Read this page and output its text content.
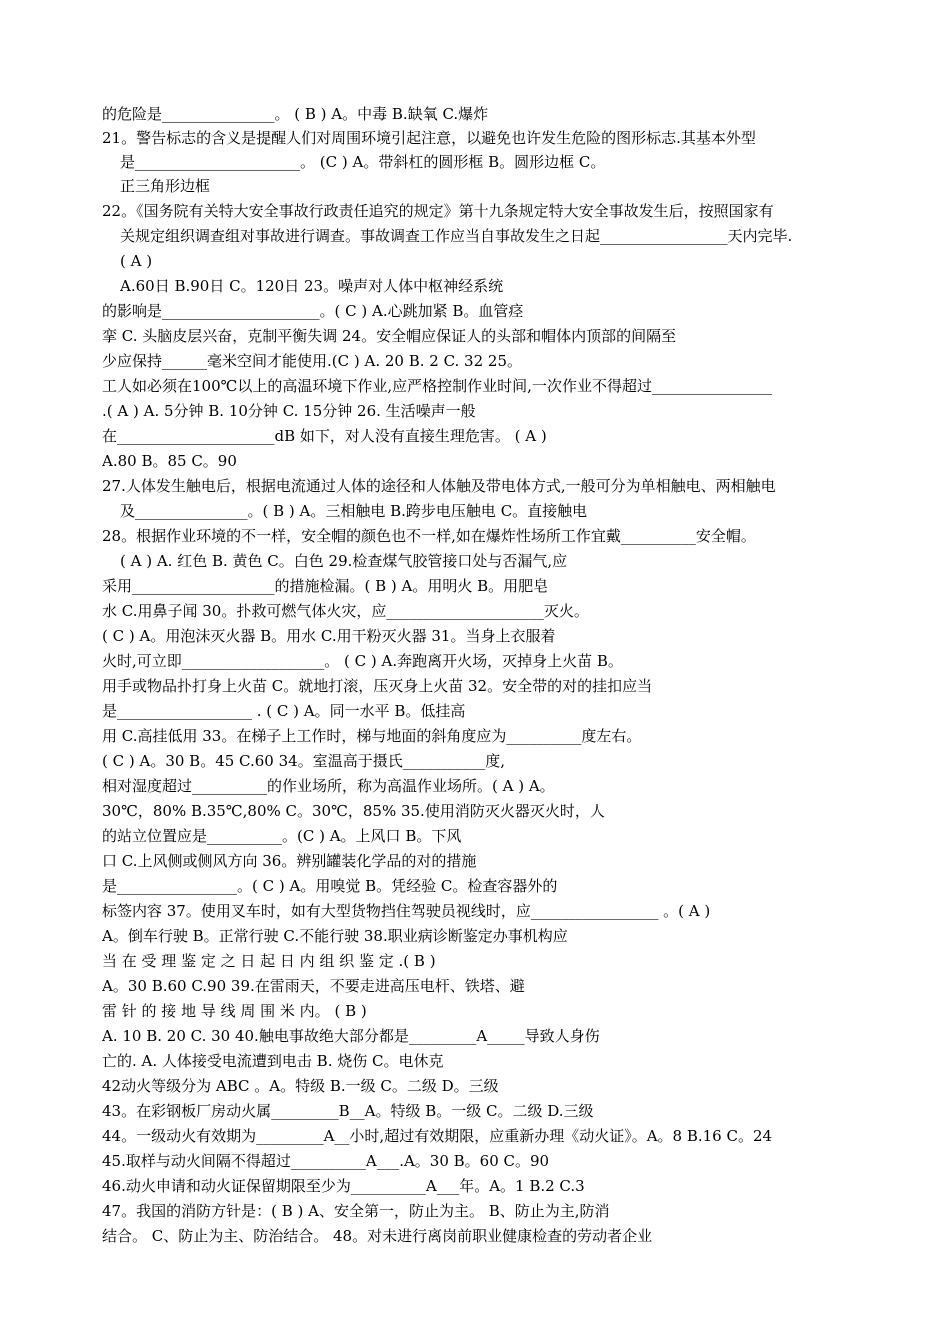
的危险是_______________。 ( B ) A。中毒 B.缺氧 C.爆炸
21。警告标志的含义是提醒人们对周围环境引起注意，以避免也许发生危险的图形标志.其基本外型
是______________________。 (C ) A。带斜杠的圆形框 B。圆形边框 C。
正三角形边框
22。《国务院有关特大安全事故行政责任追究的规定》第十九条规定特大安全事故发生后，按照国家有
关规定组织调查组对事故进行调查。事故调查工作应当自事故发生之日起_________________天内完毕.
( A )
A.60日 B.90日 C。120日 23。噪声对人体中枢神经系统
的影响是_____________________。( C ) A.心跳加紧 B。血管痉
挛 C. 头脑皮层兴奋，克制平衡失调 24。安全帽应保证人的头部和帽体内顶部的间隔至
少应保持______毫米空间才能使用.(C ) A. 20 B. 2 C. 32 25。
工人如必须在100℃以上的高温环境下作业,应严格控制作业时间,一次作业不得超过________________
.( A ) A. 5分钟 B. 10分钟 C. 15分钟 26. 生活噪声一般
在_____________________dB 如下，对人没有直接生理危害。 ( A )
A.80 B。85 C。90
27.人体发生触电后，根据电流通过人体的途径和人体触及带电体方式,一般可分为单相触电、两相触电
及_______________。( B ) A。三相触电 B.跨步电压触电 C。直接触电
28。根据作业环境的不一样，安全帽的颜色也不一样,如在爆炸性场所工作宜戴__________安全帽。
( A ) A. 红色 B. 黄色 C。白色 29.检查煤气胶管接口处与否漏气,应
采用___________________的措施检漏。( B ) A。用明火 B。用肥皂
水 C.用鼻子闻 30。扑救可燃气体火灾，应_____________________灭火。
( C ) A。用泡沫灭火器 B。用水 C.用干粉灭火器 31。当身上衣服着
火时,可立即___________________。 ( C ) A.奔跑离开火场，灭掉身上火苗 B。
用手或物品扑打身上火苗 C。就地打滚，压灭身上火苗 32。安全带的对的挂扣应当
是__________________ . ( C ) A。同一水平 B。低挂高
用 C.高挂低用 33。在梯子上工作时，梯与地面的斜角度应为__________度左右。
( C ) A。30 B。45 C.60 34。室温高于摄氏___________度,
相对湿度超过__________的作业场所，称为高温作业场所。( A ) A。
30℃，80% B.35℃,80% C。30℃，85% 35.使用消防灭火器灭火时，人
的站立位置应是__________。(C ) A。上风口 B。下风
口 C.上风侧或侧风方向 36。辨别罐装化学品的对的措施
是________________。( C ) A。用嗅觉 B。凭经验 C。检查容器外的
标签内容 37。使用叉车时，如有大型货物挡住驾驶员视线时，应_________________ 。( A )
A。倒车行驶 B。正常行驶 C.不能行驶 38.职业病诊断鉴定办事机构应
当 在 受 理 鉴 定 之 日 起 日 内 组 织 鉴 定 .( B )
A。30 B.60 C.90 39.在雷雨天，不要走进高压电杆、铁塔、避
雷 针 的 接 地 导 线 周 围 米 内。 ( B )
A. 10 B. 20 C. 30 40.触电事故绝大部分都是_________A_____导致人身伤
亡的. A. 人体接受电流遭到电击 B. 烧伤 C。电休克
42动火等级分为 ABC 。A。特级 B.一级 C。二级 D。三级
43。在彩钢板厂房动火属_________B__A。特级 B。一级 C。二级 D.三级
44。一级动火有效期为_________A__小时,超过有效期限，应重新办理《动火证》。A。8 B.16 C。24
45.取样与动火间隔不得超过__________A___.A。30 B。60 C。90
46.动火申请和动火证保留期限至少为__________A___年。A。1 B.2 C.3
47。我国的消防方针是：( B ) A、安全第一，防止为主。 B、防止为主,防消
结合。 C、防止为主、防治结合。 48。对未进行离岗前职业健康检查的劳动者企业
